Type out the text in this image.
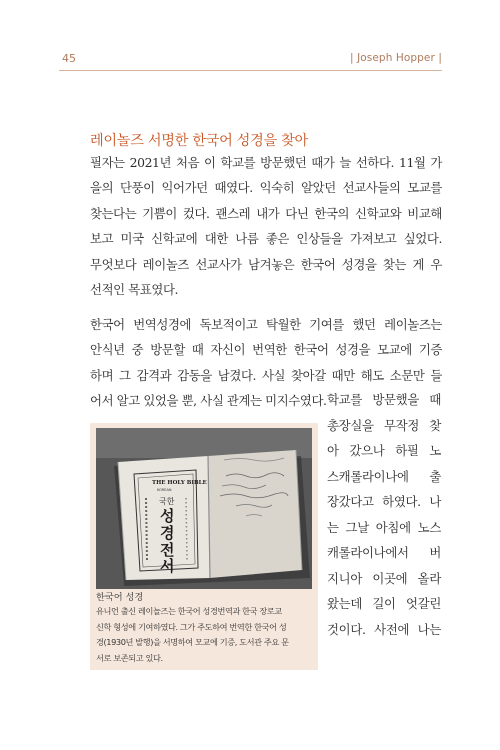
45	| Joseph Hopper |
레이놀즈 서명한 한국어 성경을 찾아
필자는 2021년 처음 이 학교를 방문했던 때가 늘 선하다. 11월 가
을의 단풍이 익어가던 때였다. 익숙히 알았던 선교사들의 모교를
찾는다는 기쁨이 컸다. 괜스레 내가 다닌 한국의 신학교와 비교해
보고 미국 신학교에 대한 나름 좋은 인상들을 가져보고 싶었다.
무엇보다 레이놀즈 선교사가 남겨놓은 한국어 성경을 찾는 게 우
선적인 목표였다.
한국어 번역성경에 독보적이고 탁월한 기여를 했던 레이놀즈는
안식년 중 방문할 때 자신이 번역한 한국어 성경을 모교에 기증
하며 그 감격과 감동을 남겼다. 사실 찾아갈 때만 해도 소문만 들
어서 알고 있었을 뿐, 사실 관계는 미지수였다.
THE HOLY BIBLE
KOREAN
국한
성
경
전
서
한국어 성경
유니언 출신 레이놀즈는 한국어 성경번역과 한국 장로교
신학 형성에 기여하였다. 그가 주도하여 번역한 한국어 성
경(1930년 발행)을 서명하여 모교에 기증, 도서관 주요 문
서로 보존되고 있다.
학교를 방문했을 때
총장실을 무작정 찾
아 갔으나 하필 노
스캐롤라이나에 출
장갔다고 하였다. 나
는 그날 아침에 노스
캐롤라이나에서 버
지니아 이곳에 올라
왔는데 길이 엇갈린
것이다. 사전에 나는
